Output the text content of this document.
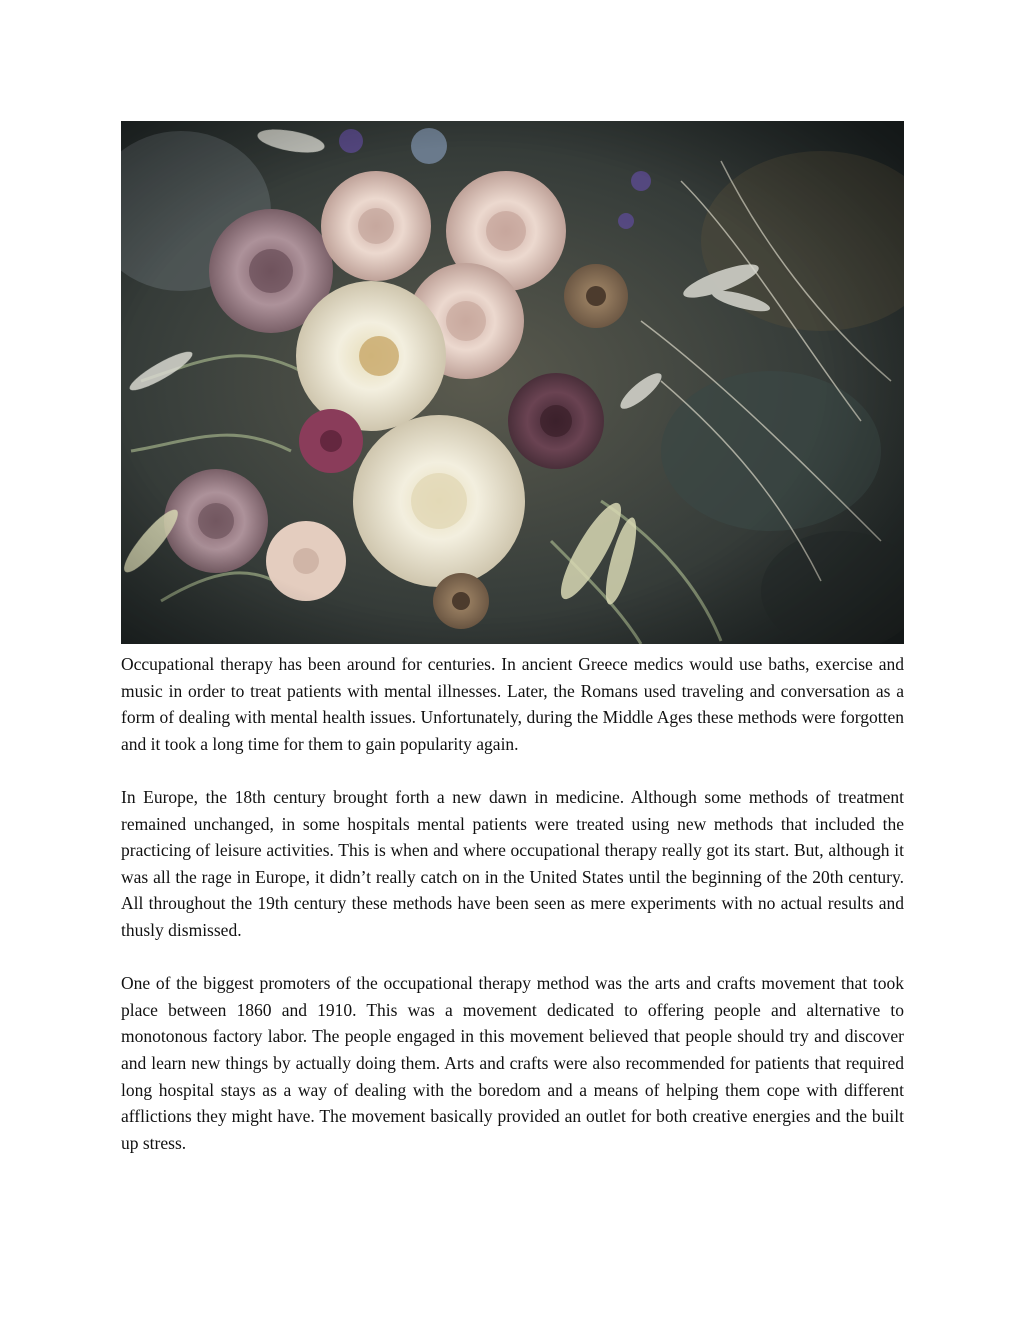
Occupational therapy has been around for centuries. In ancient Greece medics would use baths, exercise and music in order to treat patients with mental illnesses. Later, the Romans used traveling and conversation as a form of dealing with mental health issues. Unfortunately, during the Middle Ages these methods were forgotten and it took a long time for them to gain popularity again.

In Europe, the 18th century brought forth a new dawn in medicine. Although some methods of treatment remained unchanged, in some hospitals mental patients were treated using new methods that included the practicing of leisure activities. This is when and where occupational therapy really got its start. But, although it was all the rage in Europe, it didn’t really catch on in the United States until the beginning of the 20th century. All throughout the 19th century these methods have been seen as mere experiments with no actual results and thusly dismissed.

One of the biggest promoters of the occupational therapy method was the arts and crafts movement that took place between 1860 and 1910. This was a movement dedicated to offering people and alternative to monotonous factory labor. The people engaged in this movement believed that people should try and discover and learn new things by actually doing them. Arts and crafts were also recommended for patients that required long hospital stays as a way of dealing with the boredom and a means of helping them cope with different afflictions they might have. The movement basically provided an outlet for both creative energies and the built up stress.
